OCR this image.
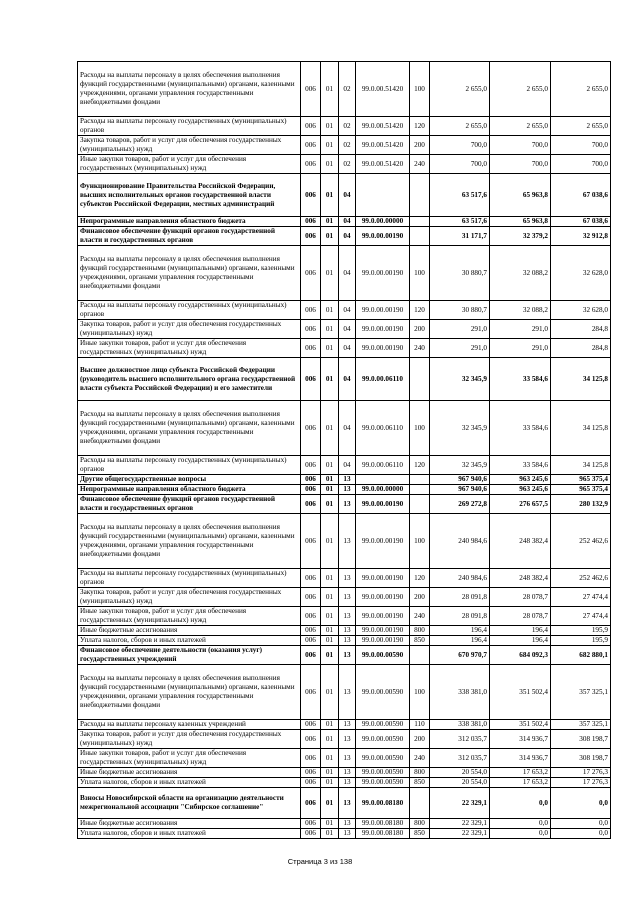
Расходы на выплаты персоналу в целях обеспечения выполнения функций государственными (муниципальными) органами, казенными учреждениями, органами управления государственными внебюджетными фондами	006	01	02	99.0.00.51420	100	2 655,0	2 655,0	2 655,0
Расходы на выплаты персоналу государственных (муниципальных) органов	006	01	02	99.0.00.51420	120	2 655,0	2 655,0	2 655,0
Закупка товаров, работ и услуг для обеспечения государственных (муниципальных) нужд	006	01	02	99.0.00.51420	200	700,0	700,0	700,0
Иные закупки товаров, работ и услуг для обеспечения государственных (муниципальных) нужд	006	01	02	99.0.00.51420	240	700,0	700,0	700,0
Функционирование Правительства Российской Федерации, высших исполнительных органов государственной власти субъектов Российской Федерации, местных администраций	006	01	04			63 517,6	65 963,8	67 038,6
Непрограммные направления областного бюджета	006	01	04	99.0.00.00000		63 517,6	65 963,8	67 038,6
Финансовое обеспечение функций органов государственной власти и государственных органов	006	01	04	99.0.00.00190		31 171,7	32 379,2	32 912,8
Расходы на выплаты персоналу в целях обеспечения выполнения функций государственными (муниципальными) органами, казенными учреждениями, органами управления государственными внебюджетными фондами	006	01	04	99.0.00.00190	100	30 880,7	32 088,2	32 628,0
Расходы на выплаты персоналу государственных (муниципальных) органов	006	01	04	99.0.00.00190	120	30 880,7	32 088,2	32 628,0
Закупка товаров, работ и услуг для обеспечения государственных (муниципальных) нужд	006	01	04	99.0.00.00190	200	291,0	291,0	284,8
Иные закупки товаров, работ и услуг для обеспечения государственных (муниципальных) нужд	006	01	04	99.0.00.00190	240	291,0	291,0	284,8
Высшее должностное лицо субъекта Российской Федерации (руководитель высшего исполнительного органа государственной власти субъекта Российской Федерации) и его заместители	006	01	04	99.0.00.06110		32 345,9	33 584,6	34 125,8
Расходы на выплаты персоналу в целях обеспечения выполнения функций государственными (муниципальными) органами, казенными учреждениями, органами управления государственными внебюджетными фондами	006	01	04	99.0.00.06110	100	32 345,9	33 584,6	34 125,8
Расходы на выплаты персоналу государственных (муниципальных) органов	006	01	04	99.0.00.06110	120	32 345,9	33 584,6	34 125,8
Другие общегосударственные вопросы	006	01	13			967 940,6	963 245,6	965 375,4
Непрограммные направления областного бюджета	006	01	13	99.0.00.00000		967 940,6	963 245,6	965 375,4
Финансовое обеспечение функций органов государственной власти и государственных органов	006	01	13	99.0.00.00190		269 272,8	276 657,5	280 132,9
Расходы на выплаты персоналу в целях обеспечения выполнения функций государственными (муниципальными) органами, казенными учреждениями, органами управления государственными внебюджетными фондами	006	01	13	99.0.00.00190	100	240 984,6	248 382,4	252 462,6
Расходы на выплаты персоналу государственных (муниципальных) органов	006	01	13	99.0.00.00190	120	240 984,6	248 382,4	252 462,6
Закупка товаров, работ и услуг для обеспечения государственных (муниципальных) нужд	006	01	13	99.0.00.00190	200	28 091,8	28 078,7	27 474,4
Иные закупки товаров, работ и услуг для обеспечения государственных (муниципальных) нужд	006	01	13	99.0.00.00190	240	28 091,8	28 078,7	27 474,4
Иные бюджетные ассигнования	006	01	13	99.0.00.00190	800	196,4	196,4	195,9
Уплата налогов, сборов и иных платежей	006	01	13	99.0.00.00190	850	196,4	196,4	195,9
Финансовое обеспечение деятельности (оказания услуг) государственных учреждений	006	01	13	99.0.00.00590		670 970,7	684 092,3	682 880,1
Расходы на выплаты персоналу в целях обеспечения выполнения функций государственными (муниципальными) органами, казенными учреждениями, органами управления государственными внебюджетными фондами	006	01	13	99.0.00.00590	100	338 381,0	351 502,4	357 325,1
Расходы на выплаты персоналу казенных учреждений	006	01	13	99.0.00.00590	110	338 381,0	351 502,4	357 325,1
Закупка товаров, работ и услуг для обеспечения государственных (муниципальных) нужд	006	01	13	99.0.00.00590	200	312 035,7	314 936,7	308 198,7
Иные закупки товаров, работ и услуг для обеспечения государственных (муниципальных) нужд	006	01	13	99.0.00.00590	240	312 035,7	314 936,7	308 198,7
Иные бюджетные ассигнования	006	01	13	99.0.00.00590	800	20 554,0	17 653,2	17 276,3
Уплата налогов, сборов и иных платежей	006	01	13	99.0.00.00590	850	20 554,0	17 653,2	17 276,3
Взносы Новосибирской области на организацию деятельности межрегиональной ассоциации "Сибирское соглашение"	006	01	13	99.0.00.08180		22 329,1	0,0	0,0
Иные бюджетные ассигнования	006	01	13	99.0.00.08180	800	22 329,1	0,0	0,0
Уплата налогов, сборов и иных платежей	006	01	13	99.0.00.08180	850	22 329,1	0,0	0,0
Страница 3 из 138
